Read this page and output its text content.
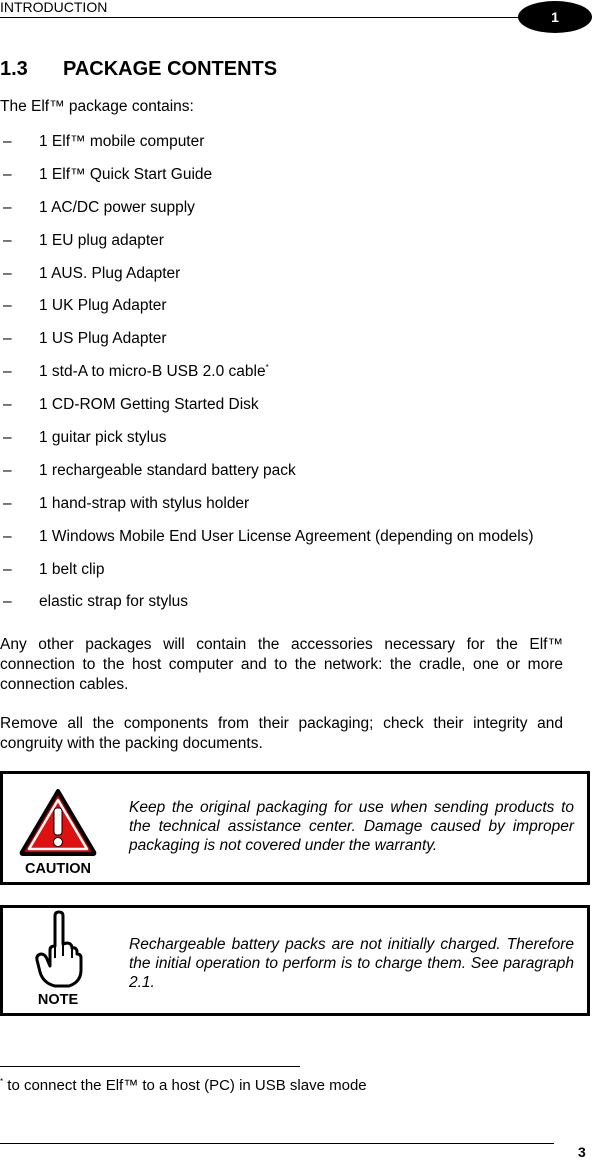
INTRODUCTION
1
1.3 PACKAGE CONTENTS
The Elf™ package contains:
– 1 Elf™ mobile computer
– 1 Elf™ Quick Start Guide
– 1 AC/DC power supply
– 1 EU plug adapter
– 1 AUS. Plug Adapter
– 1 UK Plug Adapter
– 1 US Plug Adapter
– 1 std-A to micro-B USB 2.0 cable*
– 1 CD-ROM Getting Started Disk
– 1 guitar pick stylus
– 1 rechargeable standard battery pack
– 1 hand-strap with stylus holder
– 1 Windows Mobile End User License Agreement (depending on models)
– 1 belt clip
– elastic strap for stylus
Any other packages will contain the accessories necessary for the Elf™ connection to the host computer and to the network: the cradle, one or more connection cables.
Remove all the components from their packaging; check their integrity and congruity with the packing documents.
CAUTION
Keep the original packaging for use when sending products to the technical assistance center. Damage caused by improper packaging is not covered under the warranty.
NOTE
Rechargeable battery packs are not initially charged. Therefore the initial operation to perform is to charge them. See paragraph 2.1.
* to connect the Elf™ to a host (PC) in USB slave mode
3
